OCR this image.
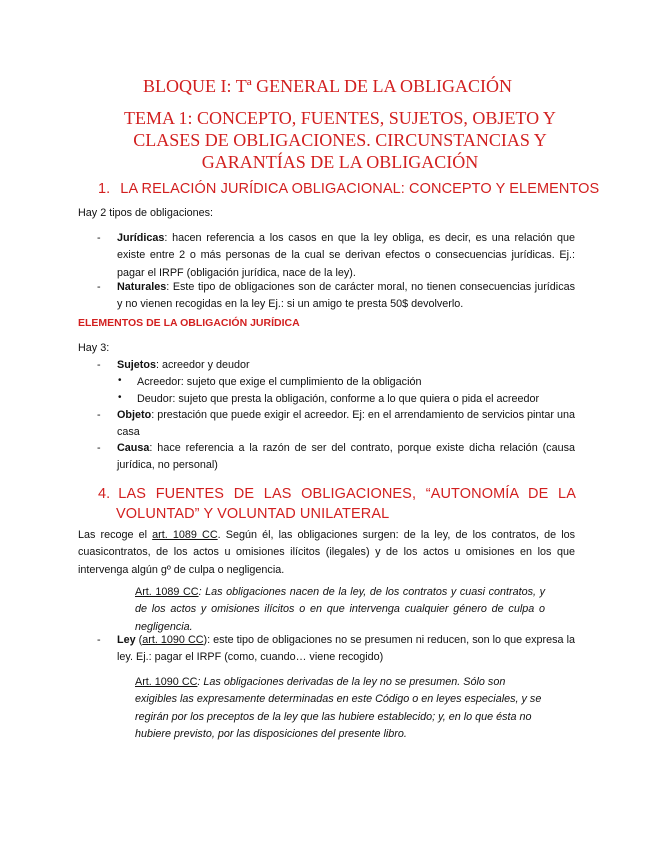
BLOQUE I: Tª GENERAL DE LA OBLIGACIÓN
TEMA 1: CONCEPTO, FUENTES, SUJETOS, OBJETO Y CLASES DE OBLIGACIONES. CIRCUNSTANCIAS Y GARANTÍAS DE LA OBLIGACIÓN
1. LA RELACIÓN JURÍDICA OBLIGACIONAL: CONCEPTO Y ELEMENTOS
Hay 2 tipos de obligaciones:
- Jurídicas: hacen referencia a los casos en que la ley obliga, es decir, es una relación que existe entre 2 o más personas de la cual se derivan efectos o consecuencias jurídicas. Ej.: pagar el IRPF (obligación jurídica, nace de la ley).
- Naturales: Este tipo de obligaciones son de carácter moral, no tienen consecuencias jurídicas y no vienen recogidas en la ley Ej.: si un amigo te presta 50$ devolverlo.
ELEMENTOS DE LA OBLIGACIÓN JURÍDICA
Hay 3:
- Sujetos: acreedor y deudor
• Acreedor: sujeto que exige el cumplimiento de la obligación
• Deudor: sujeto que presta la obligación, conforme a lo que quiera o pida el acreedor
- Objeto: prestación que puede exigir el acreedor. Ej: en el arrendamiento de servicios pintar una casa
- Causa: hace referencia a la razón de ser del contrato, porque existe dicha relación (causa jurídica, no personal)
4. LAS FUENTES DE LAS OBLIGACIONES, “AUTONOMÍA DE LA
VOLUNTAD” Y VOLUNTAD UNILATERAL
Las recoge el art. 1089 CC. Según él, las obligaciones surgen: de la ley, de los contratos, de los cuasicontratos, de los actos u omisiones ilícitos (ilegales) y de los actos u omisiones en los que intervenga algún gº de culpa o negligencia.
Art. 1089 CC: Las obligaciones nacen de la ley, de los contratos y cuasi contratos, y de los actos y omisiones ilícitos o en que intervenga cualquier género de culpa o negligencia.
- Ley (art. 1090 CC): este tipo de obligaciones no se presumen ni reducen, son lo que expresa la ley. Ej.: pagar el IRPF (como, cuando… viene recogido)
Art. 1090 CC: Las obligaciones derivadas de la ley no se presumen. Sólo son exigibles las expresamente determinadas en este Código o en leyes especiales, y se regirán por los preceptos de la ley que las hubiere establecido; y, en lo que ésta no hubiere previsto, por las disposiciones del presente libro.
